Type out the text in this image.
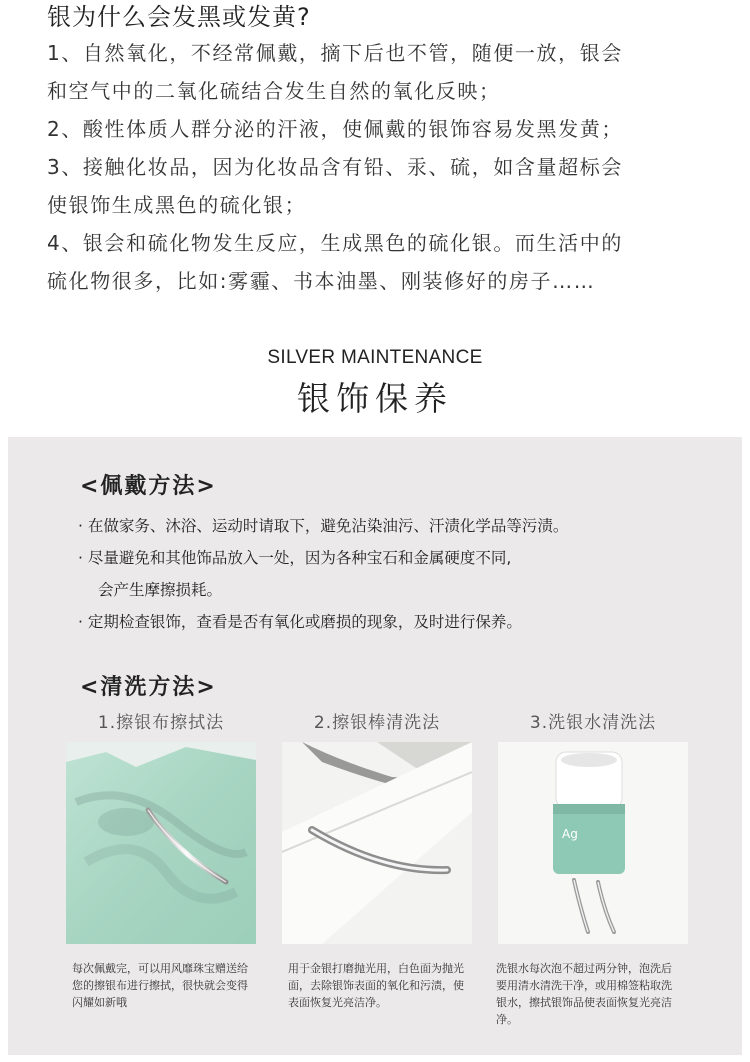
银为什么会发黑或发黄?

1、自然氧化，不经常佩戴，摘下后也不管，随便一放，银会

和空气中的二氧化硫结合发生自然的氧化反映；

2、酸性体质人群分泌的汗液，使佩戴的银饰容易发黑发黄；

3、接触化妆品，因为化妆品含有铅、汞、硫，如含量超标会

使银饰生成黑色的硫化银；

4、银会和硫化物发生反应，生成黑色的硫化银。而生活中的

硫化物很多，比如:雾霾、书本油墨、刚装修好的房子……

SILVER MAINTENANCE
银饰保养
<佩戴方法>
· 在做家务、沐浴、运动时请取下，避免沾染油污、汗渍化学品等污渍。
· 尽量避免和其他饰品放入一处，因为各种宝石和金属硬度不同,
会产生摩擦损耗。
· 定期检查银饰，查看是否有氧化或磨损的现象，及时进行保养。
<清洗方法>
1.擦银布擦拭法	2.擦银棒清洗法	3.洗银水清洗法
Ag
每次佩戴完，可以用风靡珠宝赠送给您的擦银布进行擦拭，很快就会变得闪耀如新哦
用于金银打磨抛光用，白色面为抛光面，去除银饰表面的氧化和污渍，使表面恢复光亮洁净。
洗银水每次泡不超过两分钟，泡洗后要用清水清洗干净，或用棉签粘取洗银水，擦拭银饰品使表面恢复光亮洁净。
